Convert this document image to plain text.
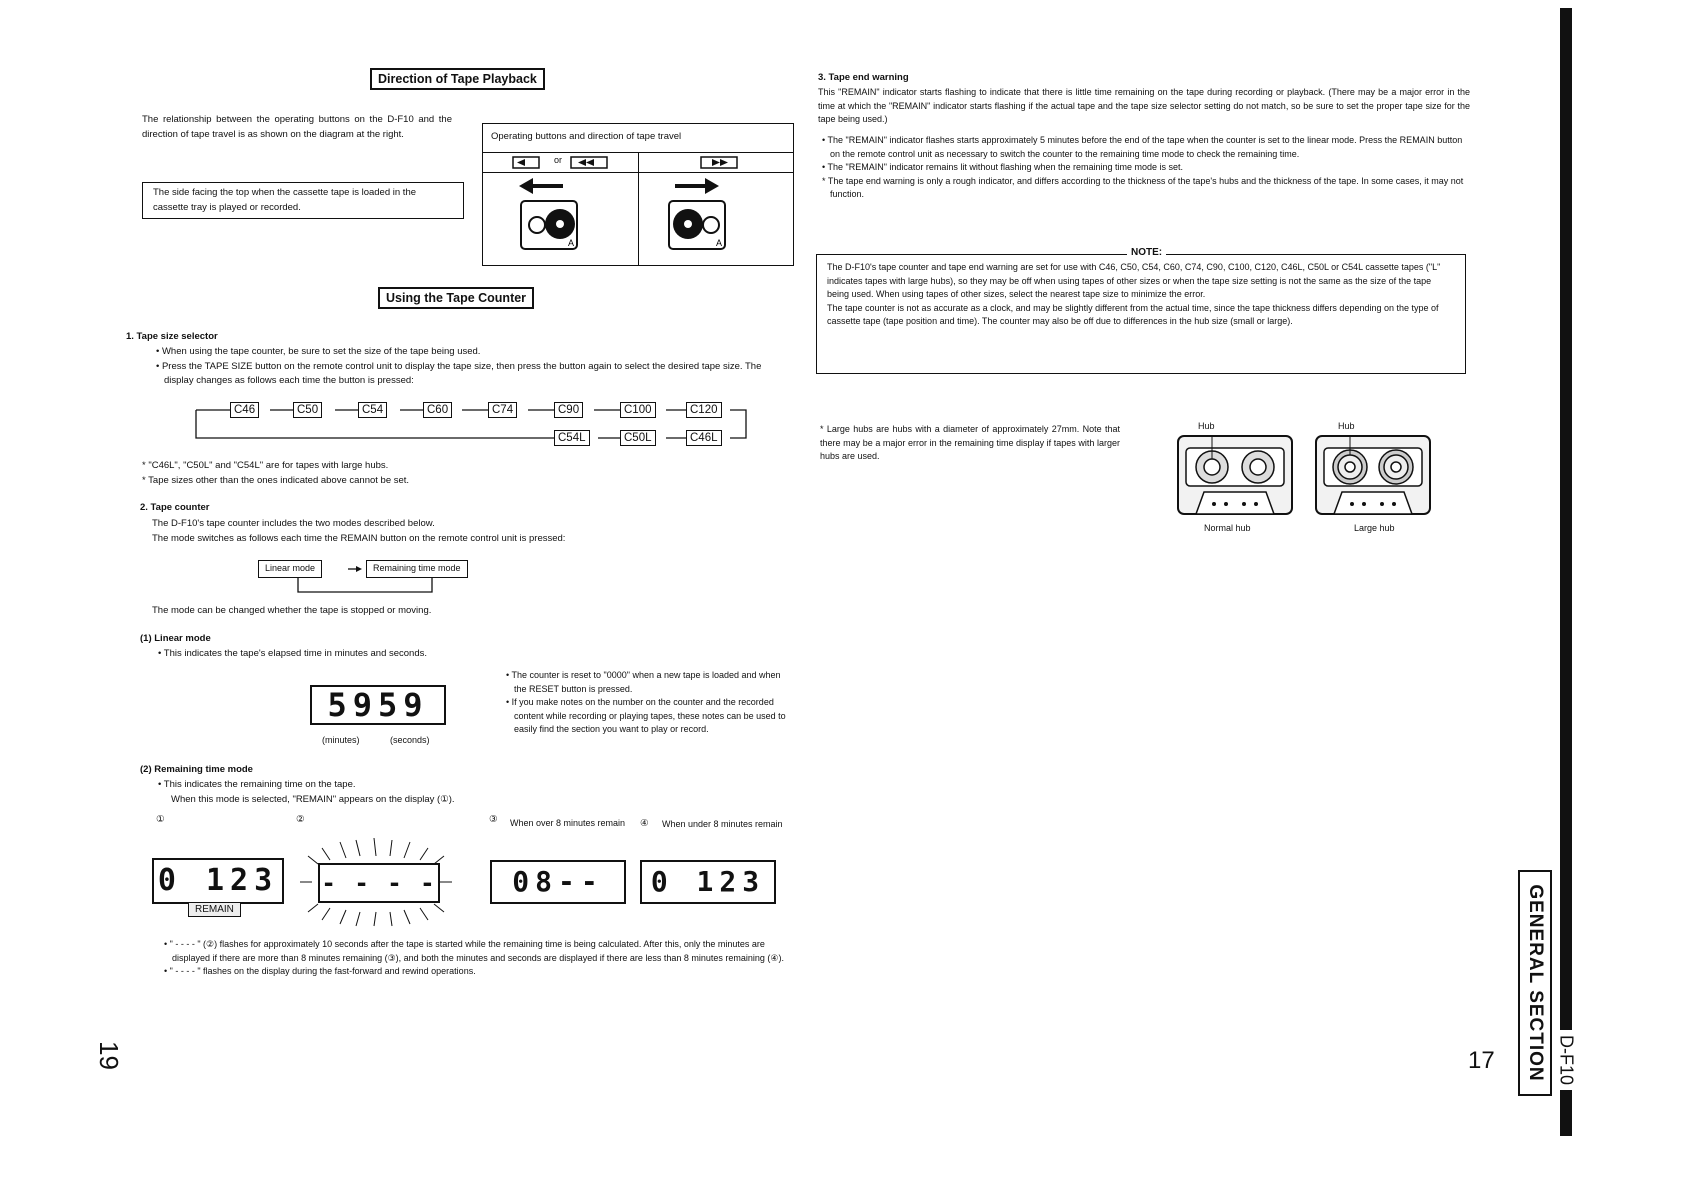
Direction of Tape Playback
The relationship between the operating buttons on the D-F10 and the direction of tape travel is as shown on the diagram at the right.
The side facing the top when the cassette tape is loaded in the cassette tray is played or recorded.
Operating buttons and direction of tape travel
A	A
or
Using the Tape Counter
1. Tape size selector
• When using the tape counter, be sure to set the size of the tape being used.
• Press the TAPE SIZE button on the remote control unit to display the tape size, then press the button again to select the desired tape size. The display changes as follows each time the button is pressed:
C46	C50	C54	C60	C74	C90	C100	C120
C54L	C50L	C46L
* "C46L", "C50L" and "C54L" are for tapes with large hubs.
* Tape sizes other than the ones indicated above cannot be set.
2. Tape counter
The D-F10's tape counter includes the two modes described below.
The mode switches as follows each time the REMAIN button on the remote control unit is pressed:
Linear mode	Remaining time mode
The mode can be changed whether the tape is stopped or moving.
(1) Linear mode
• This indicates the tape's elapsed time in minutes and seconds.
5959
(minutes)	(seconds)
• The counter is reset to "0000" when a new tape is loaded and when the RESET button is pressed.
• If you make notes on the number on the counter and the recorded content while recording or playing tapes, these notes can be used to easily find the section you want to play or record.
(2) Remaining time mode
• This indicates the remaining time on the tape.
When this mode is selected, "REMAIN" appears on the display (①).
①	②	③ When over 8 minutes remain	④ When under 8 minutes remain
0 123
REMAIN
- - - -	08--	0 123
• " - - - - " (②) flashes for approximately 10 seconds after the tape is started while the remaining time is being calculated. After this, only the minutes are displayed if there are more than 8 minutes remaining (③), and both the minutes and seconds are displayed if there are less than 8 minutes remaining (④).
• " - - - - " flashes on the display during the fast-forward and rewind operations.
19
3. Tape end warning
This "REMAIN" indicator starts flashing to indicate that there is little time remaining on the tape during recording or playback. (There may be a major error in the time at which the "REMAIN" indicator starts flashing if the actual tape and the tape size selector setting do not match, so be sure to set the proper tape size for the tape being used.)
• The "REMAIN" indicator flashes starts approximately 5 minutes before the end of the tape when the counter is set to the linear mode. Press the REMAIN button on the remote control unit as necessary to switch the counter to the remaining time mode to check the remaining time.
• The "REMAIN" indicator remains lit without flashing when the remaining time mode is set.
* The tape end warning is only a rough indicator, and differs according to the thickness of the tape's hubs and the thickness of the tape. In some cases, it may not function.
NOTE:
The D-F10's tape counter and tape end warning are set for use with C46, C50, C54, C60, C74, C90, C100, C120, C46L, C50L or C54L cassette tapes ("L" indicates tapes with large hubs), so they may be off when using tapes of other sizes or when the tape size setting is not the same as the size of the tape being used. When using tapes of other sizes, select the nearest tape size to minimize the error.
The tape counter is not as accurate as a clock, and may be slightly different from the actual time, since the tape thickness differs depending on the type of cassette tape (tape position and time). The counter may also be off due to differences in the hub size (small or large).
* Large hubs are hubs with a diameter of approximately 27mm. Note that there may be a major error in the remaining time display if tapes with larger hubs are used.
Hub	Hub
Normal hub	Large hub
17 GENERAL SECTION D-F10
